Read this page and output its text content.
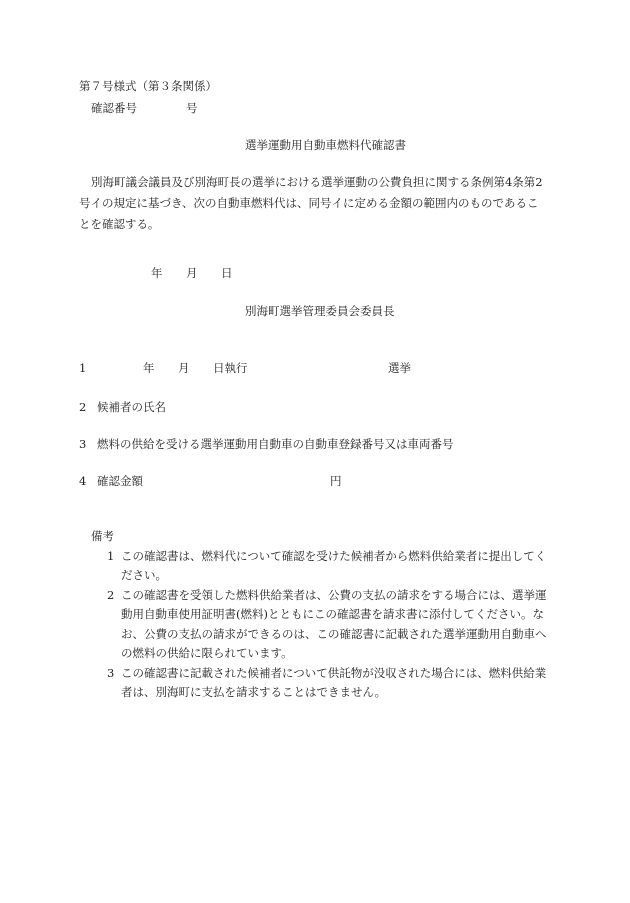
第７号様式（第３条関係）
確認番号	号
選挙運動用自動車燃料代確認書
別海町議会議員及び別海町長の選挙における選挙運動の公費負担に関する条例第4条第2号イの規定に基づき、次の自動車燃料代は、同号イに定める金額の範囲内のものであることを確認する。
年 月 日
別海町選挙管理委員会委員長
1	年 月 日執行	選挙
2 候補者の氏名
3 燃料の供給を受ける選挙運動用自動車の自動車登録番号又は車両番号
4 確認金額	円
備考

1 この確認書は、燃料代について確認を受けた候補者から燃料供給業者に提出してください。

2 この確認書を受領した燃料供給業者は、公費の支払の請求をする場合には、選挙運動用自動車使用証明書(燃料)とともにこの確認書を請求書に添付してください。なお、公費の支払の請求ができるのは、この確認書に記載された選挙運動用自動車への燃料の供給に限られています。

3 この確認書に記載された候補者について供託物が没収された場合には、燃料供給業者は、別海町に支払を請求することはできません。
